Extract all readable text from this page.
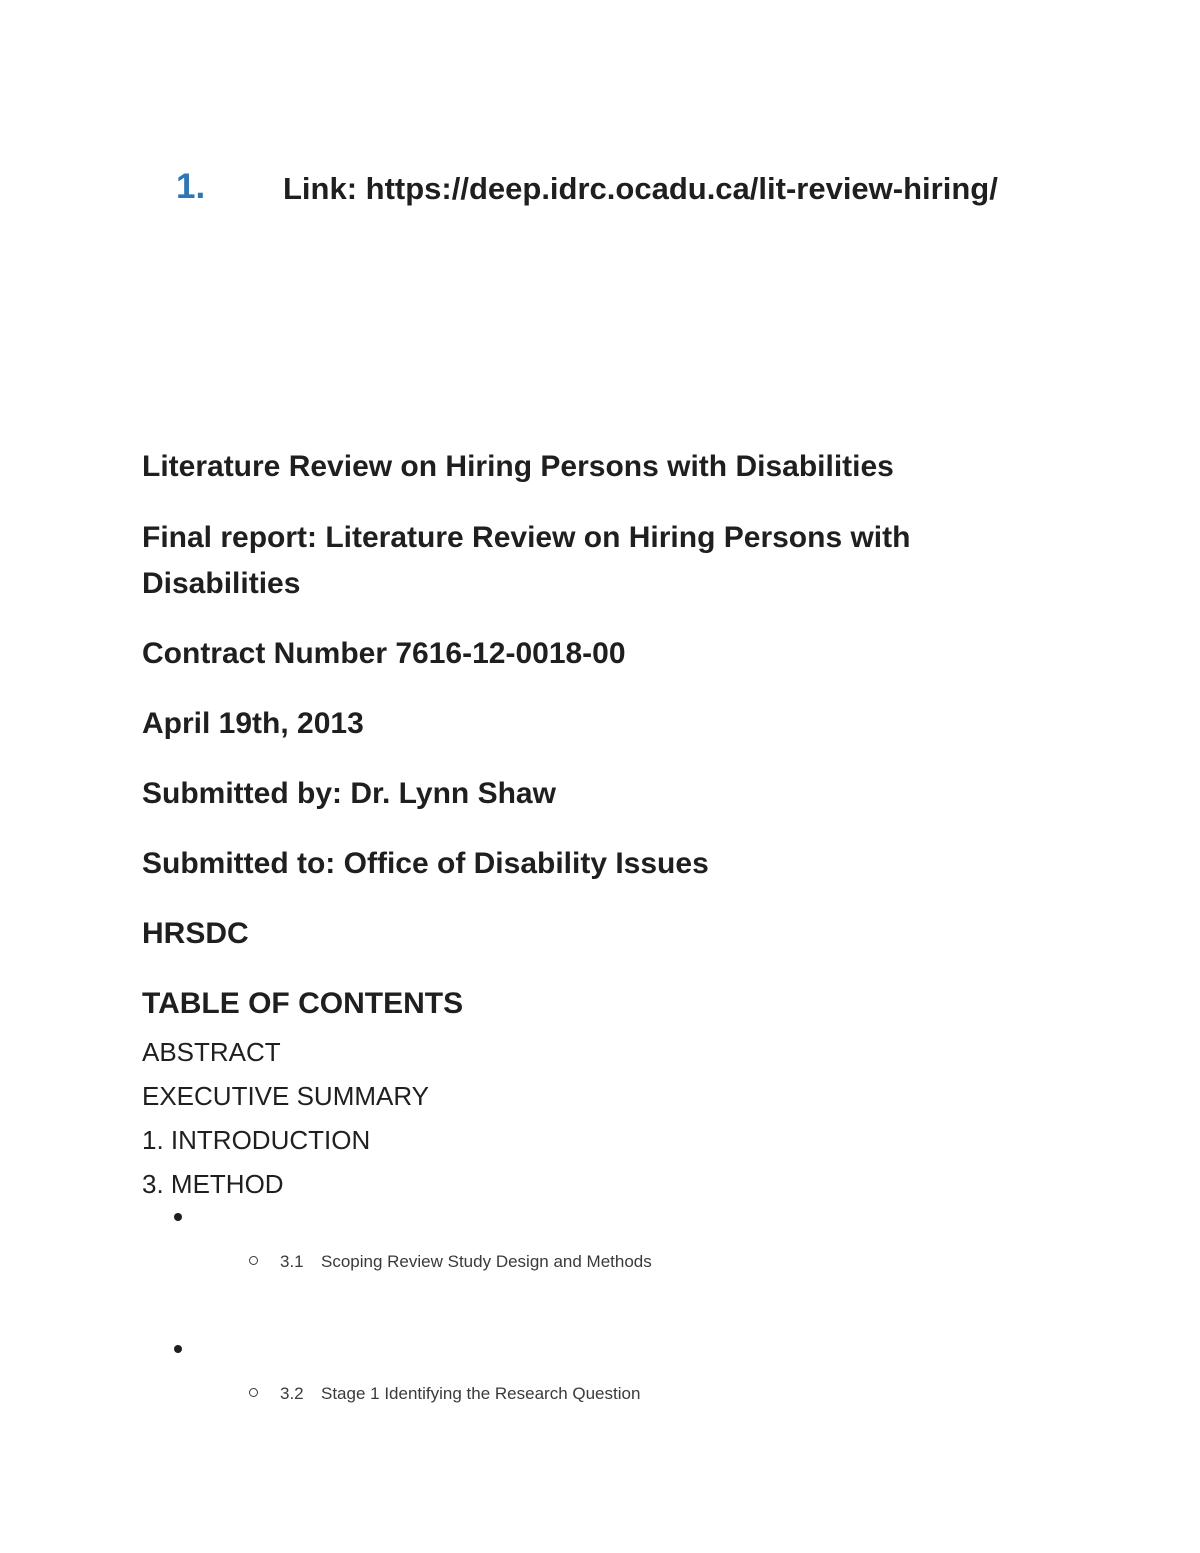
1.	Link: https://deep.idrc.ocadu.ca/lit-review-hiring/
Literature Review on Hiring Persons with Disabilities
Final report: Literature Review on Hiring Persons with Disabilities
Contract Number 7616-12-0018-00
April 19th, 2013
Submitted by: Dr. Lynn Shaw
Submitted to: Office of Disability Issues
HRSDC
TABLE OF CONTENTS
ABSTRACT
EXECUTIVE SUMMARY
1. INTRODUCTION
3. METHOD
3.1 Scoping Review Study Design and Methods
3.2 Stage 1 Identifying the Research Question
